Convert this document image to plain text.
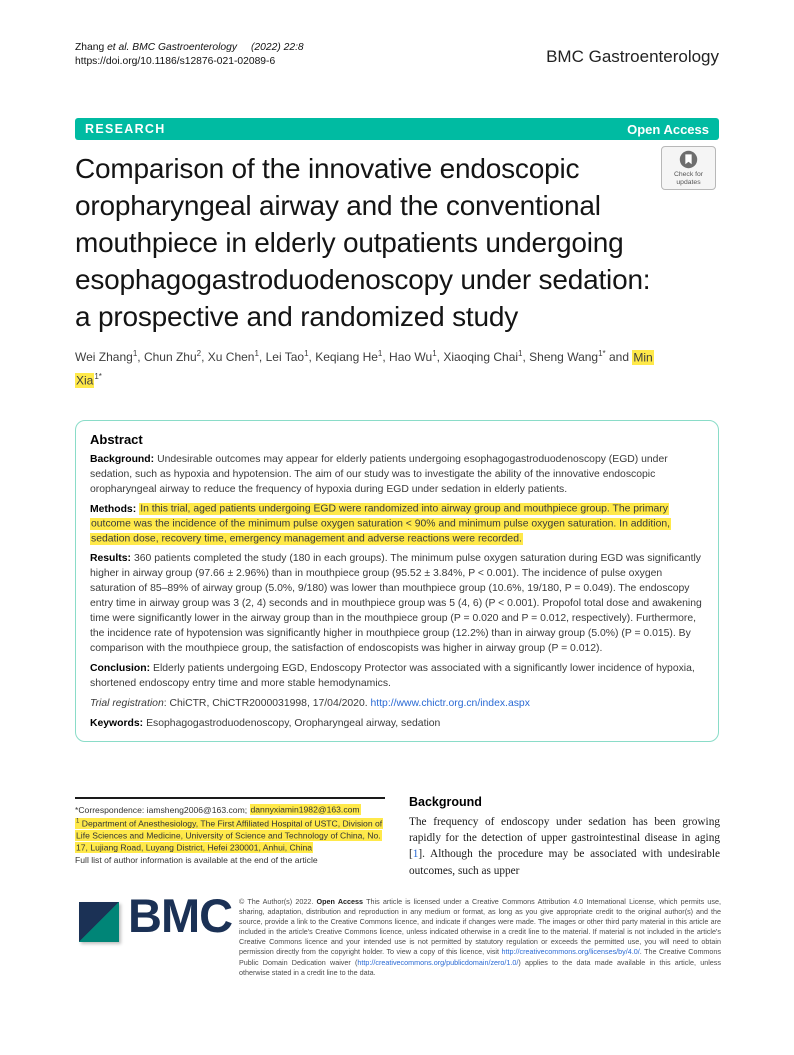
Zhang et al. BMC Gastroenterology (2022) 22:8
https://doi.org/10.1186/s12876-021-02089-6	BMC Gastroenterology
RESEARCH	Open Access
Check for
updates
Comparison of the innovative endoscopic
oropharyngeal airway and the conventional
mouthpiece in elderly outpatients undergoing
esophagogastroduodenoscopy under sedation:
a prospective and randomized study
Wei Zhang$^1$, Chun Zhu$^2$, Xu Chen$^1$, Lei Tao$^1$, Keqiang He$^1$, Hao Wu$^1$, Xiaoqing Chai$^1$, Sheng Wang$^{1*}$ and Min Xia$^{1*}$
Abstract

Background: Undesirable outcomes may appear for elderly patients undergoing esophagogastroduodenoscopy (EGD) under sedation, such as hypoxia and hypotension. The aim of our study was to investigate the ability of the innovative endoscopic oropharyngeal airway to reduce the frequency of hypoxia during EGD under sedation in elderly patients.

Methods: In this trial, aged patients undergoing EGD were randomized into airway group and mouthpiece group. The primary outcome was the incidence of the minimum pulse oxygen saturation < 90% and minimum pulse oxygen saturation. In addition, sedation dose, recovery time, emergency management and adverse reactions were recorded.

Results: 360 patients completed the study (180 in each groups). The minimum pulse oxygen saturation during EGD was significantly higher in airway group (97.66 ± 2.96%) than in mouthpiece group (95.52 ± 3.84%, P < 0.001). The incidence of pulse oxygen saturation of 85–89% of airway group (5.0%, 9/180) was lower than mouthpiece group (10.6%, 19/180, P = 0.049). The endoscopy entry time in airway group was 3 (2, 4) seconds and in mouthpiece group was 5 (4, 6) (P < 0.001). Propofol total dose and awakening time were significantly lower in the airway group than in the mouthpiece group (P = 0.020 and P = 0.012, respectively). Furthermore, the incidence rate of hypotension was significantly higher in mouthpiece group (12.2%) than in airway group (5.0%) (P = 0.015). By comparison with the mouthpiece group, the satisfaction of endoscopists was higher in airway group (P = 0.012).

Conclusion: Elderly patients undergoing EGD, Endoscopy Protector was associated with a significantly lower incidence of hypoxia, shortened endoscopy entry time and more stable hemodynamics.

Trial registration: ChiCTR, ChiCTR2000031998, 17/04/2020. http://www.chictr.org.cn/index.aspx

Keywords: Esophagogastroduodenoscopy, Oropharyngeal airway, sedation

*Correspondence: iamsheng2006@163.com; dannyxiamin1982@163.com
$^1$ Department of Anesthesiology, The First Affiliated Hospital of USTC, Division of Life Sciences and Medicine, University of Science and Technology of China, No. 17, Lujiang Road, Luyang District, Hefei 230001, Anhui, China
Full list of author information is available at the end of the article
Background

The frequency of endoscopy under sedation has been growing rapidly for the detection of upper gastrointestinal disease in aging [1]. Although the procedure may be associated with undesirable outcomes, such as upper

BMC © The Author(s) 2022. Open Access This article is licensed under a Creative Commons Attribution 4.0 International License, which permits use, sharing, adaptation, distribution and reproduction in any medium or format, as long as you give appropriate credit to the original author(s) and the source, provide a link to the Creative Commons licence, and indicate if changes were made. The images or other third party material in this article are included in the article's Creative Commons licence, unless indicated otherwise in a credit line to the material. If material is not included in the article's Creative Commons licence and your intended use is not permitted by statutory regulation or exceeds the permitted use, you will need to obtain permission directly from the copyright holder. To view a copy of this licence, visit http://creativecommons.org/licenses/by/4.0/. The Creative Commons Public Domain Dedication waiver (http://creativecommons.org/publicdomain/zero/1.0/) applies to the data made available in this article, unless otherwise stated in a credit line to the data.
